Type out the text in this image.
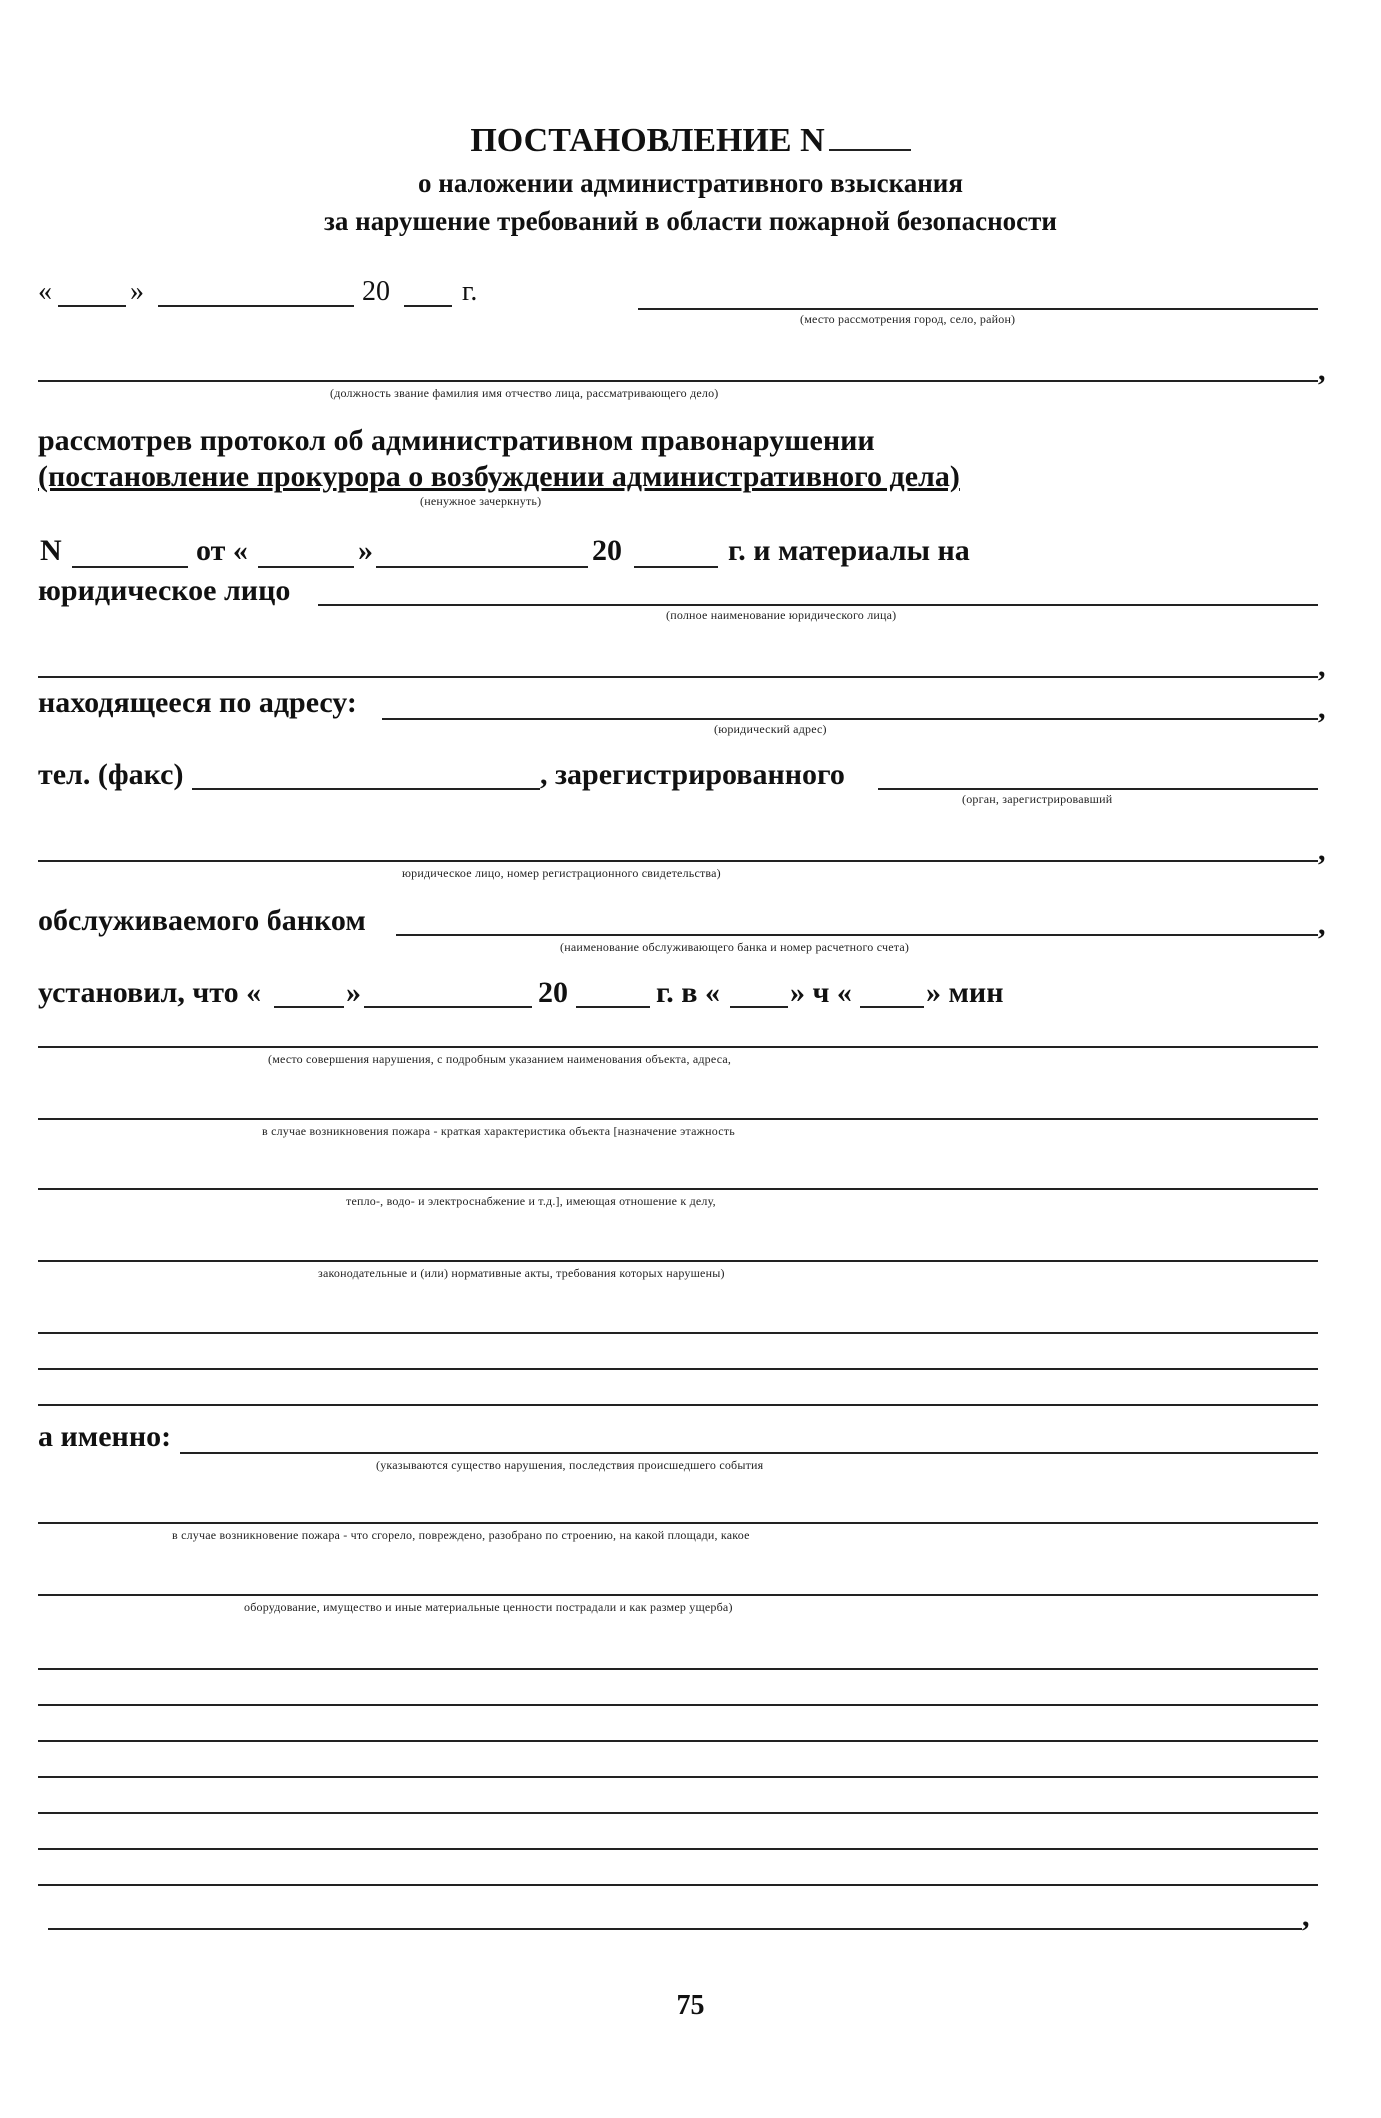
ПОСТАНОВЛЕНИЕ N
о наложении административного взыскания
за нарушение требований в области пожарной безопасности
«	»	20	г.
(место рассмотрения город, село, район)
,
(должность звание фамилия имя отчество лица, рассматривающего дело)
рассмотрев протокол об административном правонарушении
(постановление прокурора о возбуждении административного дела)
(ненужное зачеркнуть)
N	от «	»	20	г. и материалы на
юридическое лицо
(полное наименование юридического лица)
,
находящееся по адресу:	,
(юридический адрес)
тел. (факс)	, зарегистрированного
(орган, зарегистрировавший
,
юридическое лицо, номер регистрационного свидетельства)
обслуживаемого банком	,
(наименование обслуживающего банка и номер расчетного счета)
установил, что «	»	20	г. в « » ч « » мин
(место совершения нарушения, с подробным указанием наименования объекта, адреса,
в случае возникновения пожара - краткая характеристика объекта [назначение этажность
тепло-, водо- и электроснабжение и т.д.], имеющая отношение к делу,
законодательные и (или) нормативные акты, требования которых нарушены)
а именно:
(указываются существо нарушения, последствия происшедшего события
в случае возникновение пожара - что сгорело, повреждено, разобрано по строению, на какой площади, какое
оборудование, имущество и иные материальные ценности пострадали и как размер ущерба)
,
75
